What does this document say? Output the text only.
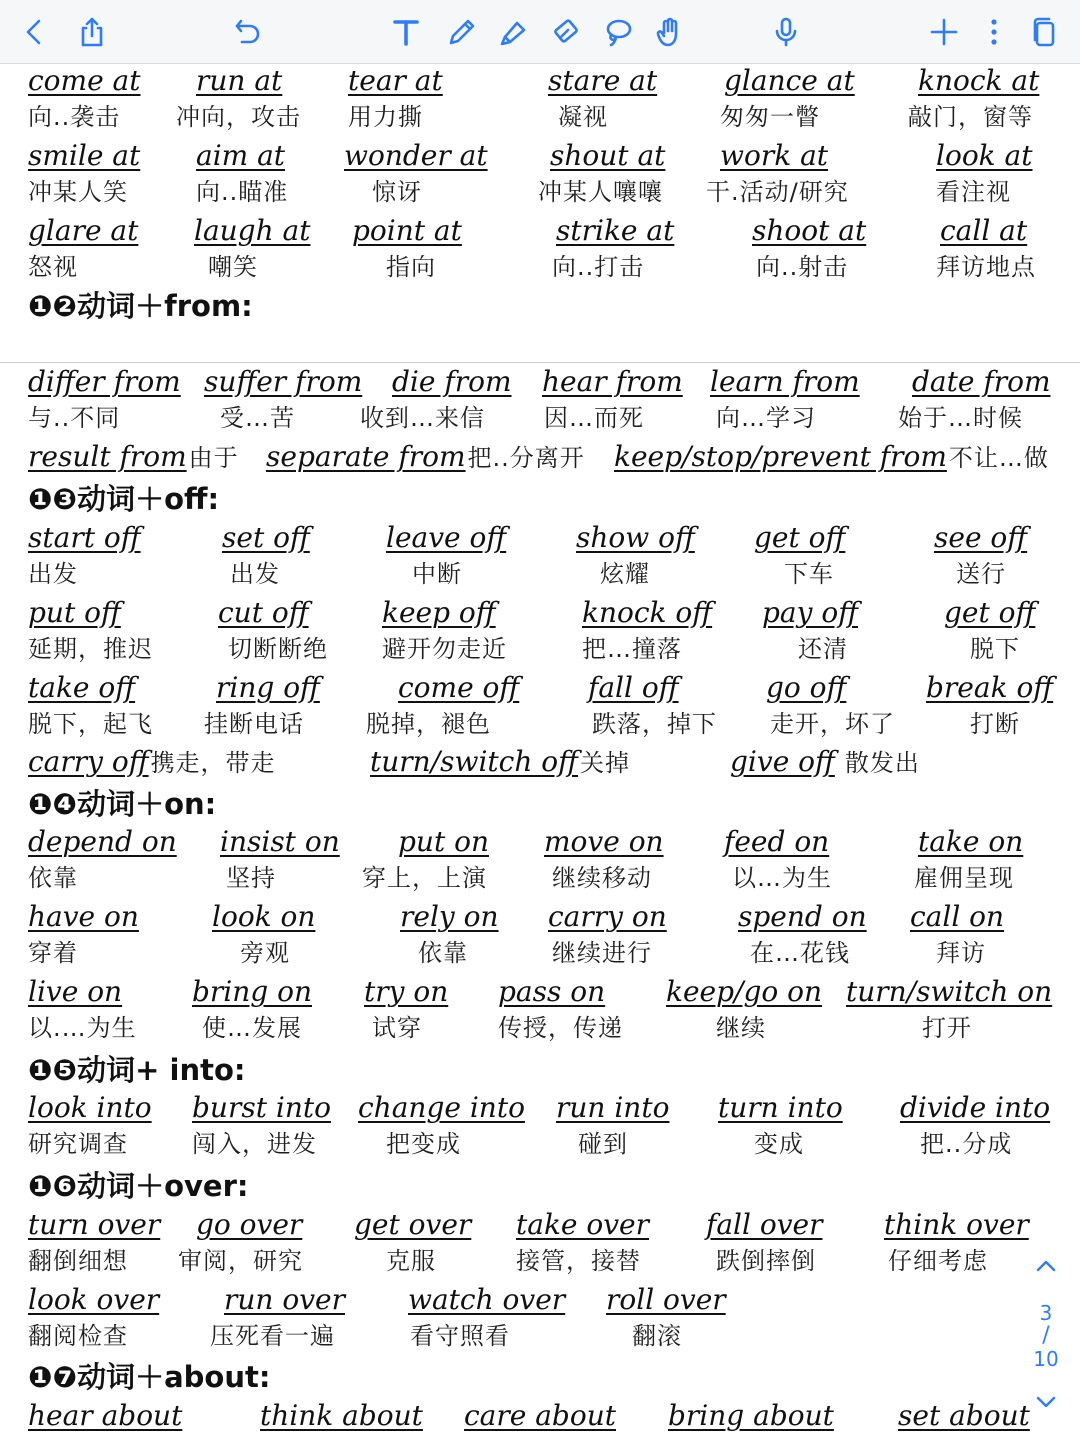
come at
向..袭击
run at
冲向，攻击
tear at
用力撕
stare at
凝视
glance at
匆匆一瞥
knock at
敲门，窗等
smile at
冲某人笑
aim at
向..瞄准
wonder at
惊讶
shout at
冲某人嚷嚷
work at
干.活动/研究
look at
看注视
glare at
怒视
laugh at
嘲笑
point at
指向
strike at
向..打击
shoot at
向..射击
call at
拜访地点
❶❷动词＋from:
differ from
与..不同
suffer from
受…苦
die from
收到…来信
hear from
因…而死
learn from
向…学习
date from
始于…时候
result from由于 separate from把..分离开 keep/stop/prevent from不让…做
❶❸动词＋off:
start off
出发
set off
出发
leave off
中断
show off
炫耀
get off
下车
see off
送行
put off
延期，推迟
cut off
切断断绝
keep off
避开勿走近
knock off
把…撞落
pay off
还清
get off
脱下
take off
脱下，起飞
ring off
挂断电话
come off
脱掉，褪色
fall off
跌落，掉下
go off
走开，坏了
break off
打断
carry off携走，带走	turn/switch off关掉	give off 散发出
❶❹动词＋on:
depend on
依靠
insist on
坚持
put on
穿上，上演
move on
继续移动
feed on
以…为生
take on
雇佣呈现
have on
穿着
look on
旁观
rely on
依靠
carry on
继续进行
spend on
在…花钱
call on
拜访
live on
以.…为生
bring on
使…发展
try on
试穿
pass on
传授，传递
keep/go on
继续
turn/switch on
打开
❶❺动词+ into:
look into
研究调查
burst into
闯入，进发
change into
把变成
run into
碰到
turn into
变成
divide into
把..分成
❶❻动词＋over:
turn over
翻倒细想
go over
审阅，研究
get over
克服
take over
接管，接替
fall over
跌倒摔倒
think over
仔细考虑
look over
翻阅检查
run over
压死看一遍
watch over
看守照看
roll over
翻滚
❶❼动词＋about:
hear about	think about care about bring about set about
3
/
10
